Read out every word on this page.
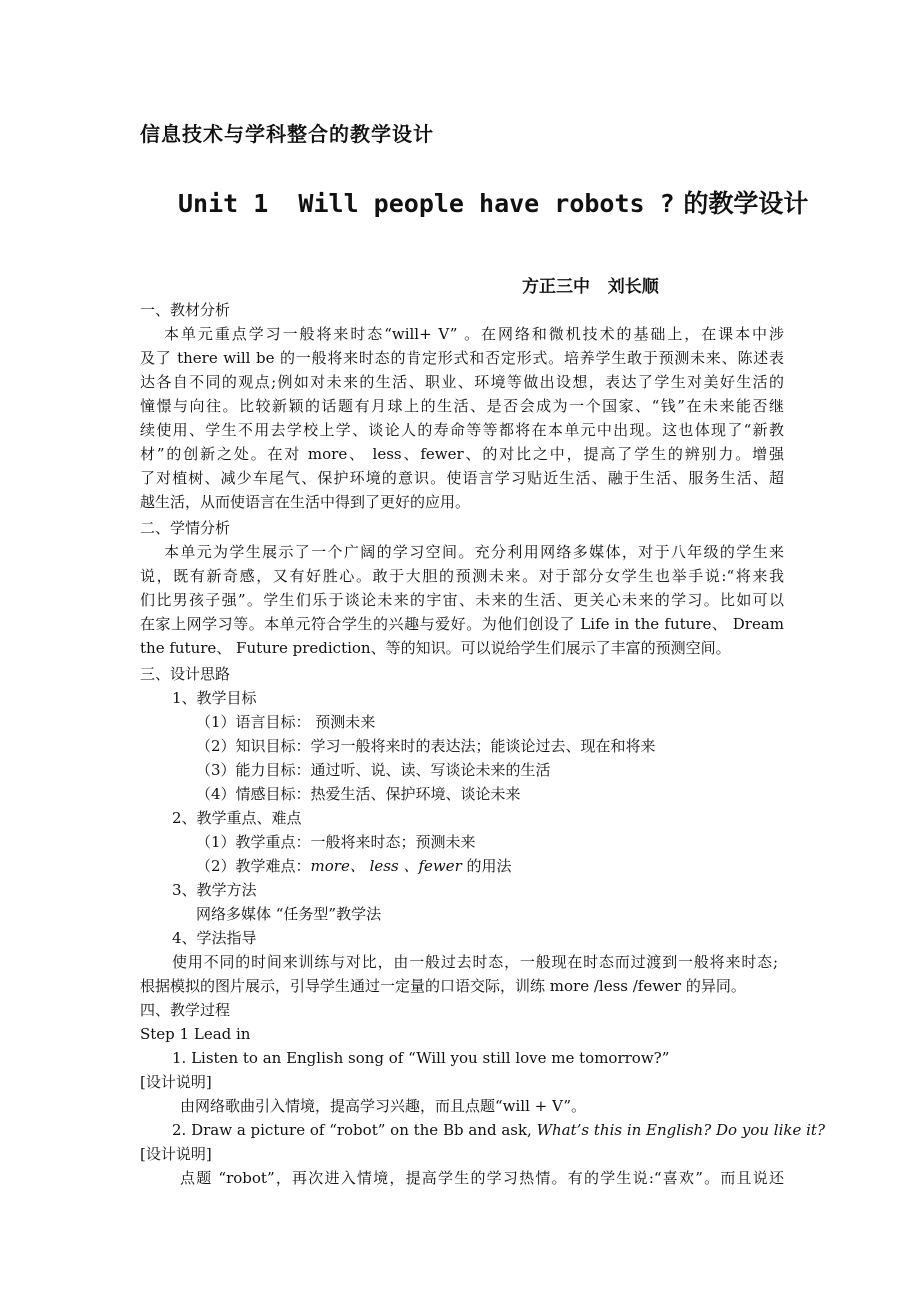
信息技术与学科整合的教学设计
Unit 1  Will people have robots ? 的教学设计
方正三中 刘长顺
一、教材分析
本单元重点学习一般将来时态“will+ V” 。在网络和微机技术的基础上，在课本中涉
及了 there will be 的一般将来时态的肯定形式和否定形式。培养学生敢于预测未来、陈述表
达各自不同的观点;例如对未来的生活、职业、环境等做出设想，表达了学生对美好生活的
憧憬与向往。比较新颖的话题有月球上的生活、是否会成为一个国家、“钱”在未来能否继
续使用、学生不用去学校上学、谈论人的寿命等等都将在本单元中出现。这也体现了“新教
材”的创新之处。在对 more、 less、fewer、的对比之中，提高了学生的辨别力。增强
了对植树、减少车尾气、保护环境的意识。使语言学习贴近生活、融于生活、服务生活、超
越生活，从而使语言在生活中得到了更好的应用。
二、学情分析
本单元为学生展示了一个广阔的学习空间。充分利用网络多媒体，对于八年级的学生来
说，既有新奇感，又有好胜心。敢于大胆的预测未来。对于部分女学生也举手说:“将来我
们比男孩子强”。学生们乐于谈论未来的宇宙、未来的生活、更关心未来的学习。比如可以
在家上网学习等。本单元符合学生的兴趣与爱好。为他们创设了 Life in the future、 Dream
the future、 Future prediction、等的知识。可以说给学生们展示了丰富的预测空间。
三、设计思路
1、教学目标
（1）语言目标： 预测未来
（2）知识目标：学习一般将来时的表达法；能谈论过去、现在和将来
（3）能力目标：通过听、说、读、写谈论未来的生活
（4）情感目标：热爱生活、保护环境、谈论未来
2、教学重点、难点
（1）教学重点：一般将来时态；预测未来
（2）教学难点：more、 less 、fewer 的用法
3、教学方法
网络多媒体 “任务型”教学法
4、学法指导
使用不同的时间来训练与对比，由一般过去时态，一般现在时态而过渡到一般将来时态;
根据模拟的图片展示，引导学生通过一定量的口语交际，训练 more /less /fewer 的异同。
四、教学过程
Step 1 Lead in
1. Listen to an English song of “Will you still love me tomorrow?”
[设计说明]
由网络歌曲引入情境，提高学习兴趣，而且点题“will + V”。
2. Draw a picture of “robot” on the Bb and ask, What’s this in English? Do you like it?
[设计说明]
点题 “robot”，再次进入情境，提高学生的学习热情。有的学生说:“喜欢”。而且说还
